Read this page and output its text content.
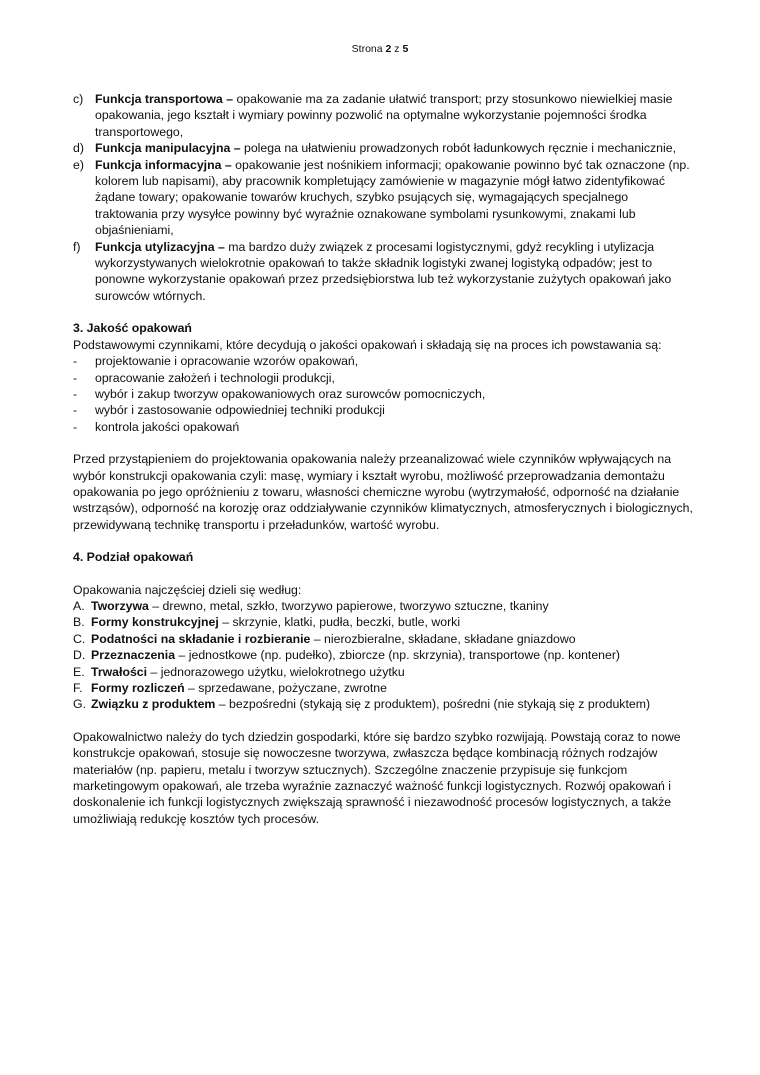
Strona 2 z 5
c) Funkcja transportowa – opakowanie ma za zadanie ułatwić transport; przy stosunkowo niewielkiej masie opakowania, jego kształt i wymiary powinny pozwolić na optymalne wykorzystanie pojemności środka transportowego,
d) Funkcja manipulacyjna – polega na ułatwieniu prowadzonych robót ładunkowych ręcznie i mechanicznie,
e) Funkcja informacyjna – opakowanie jest nośnikiem informacji; opakowanie powinno być tak oznaczone (np. kolorem lub napisami), aby pracownik kompletujący zamówienie w magazynie mógł łatwo zidentyfikować żądane towary; opakowanie towarów kruchych, szybko psujących się, wymagających specjalnego traktowania przy wysyłce powinny być wyraźnie oznakowane symbolami rysunkowymi, znakami lub objaśnieniami,
f)	Funkcja utylizacyjna – ma bardzo duży związek z procesami logistycznymi, gdyż recykling i utylizacja wykorzystywanych wielokrotnie opakowań to także składnik logistyki zwanej logistyką odpadów; jest to ponowne wykorzystanie opakowań przez przedsiębiorstwa lub też wykorzystanie zużytych opakowań jako surowców wtórnych.
3. Jakość opakowań
Podstawowymi czynnikami, które decydują o jakości opakowań i składają się na proces ich powstawania są:
-	projektowanie i opracowanie wzorów opakowań,
-	opracowanie założeń i technologii produkcji,
-	wybór i zakup tworzyw opakowaniowych oraz surowców pomocniczych,
-	wybór i zastosowanie odpowiedniej techniki produkcji
-	kontrola jakości opakowań
Przed przystąpieniem do projektowania opakowania należy przeanalizować wiele czynników wpływających na wybór konstrukcji opakowania czyli: masę, wymiary i kształt wyrobu, możliwość przeprowadzania demontażu opakowania po jego opróżnieniu z towaru, własności chemiczne wyrobu (wytrzymałość, odporność na działanie wstrząsów), odporność na korozję oraz oddziaływanie czynników klimatycznych, atmosferycznych i biologicznych, przewidywaną technikę transportu i przeładunków, wartość wyrobu.
4. Podział opakowań
Opakowania najczęściej dzieli się według:
A. Tworzywa – drewno, metal, szkło, tworzywo papierowe, tworzywo sztuczne, tkaniny
B. Formy konstrukcyjnej – skrzynie, klatki, pudła, beczki, butle, worki
C. Podatności na składanie i rozbieranie – nierozbieralne, składane, składane gniazdowo
D. Przeznaczenia – jednostkowe (np. pudełko), zbiorcze (np. skrzynia), transportowe (np. kontener)
E. Trwałości – jednorazowego użytku, wielokrotnego użytku
F. Formy rozliczeń – sprzedawane, pożyczane, zwrotne
G. Związku z produktem – bezpośredni (stykają się z produktem), pośredni (nie stykają się z produktem)
Opakowalnictwo należy do tych dziedzin gospodarki, które się bardzo szybko rozwijają. Powstają coraz to nowe konstrukcje opakowań, stosuje się nowoczesne tworzywa, zwłaszcza będące kombinacją różnych rodzajów materiałów (np. papieru, metalu i tworzyw sztucznych). Szczególne znaczenie przypisuje się funkcjom marketingowym opakowań, ale trzeba wyraźnie zaznaczyć ważność funkcji logistycznych. Rozwój opakowań i doskonalenie ich funkcji logistycznych zwiększają sprawność i niezawodność procesów logistycznych, a także umożliwiają redukcję kosztów tych procesów.
